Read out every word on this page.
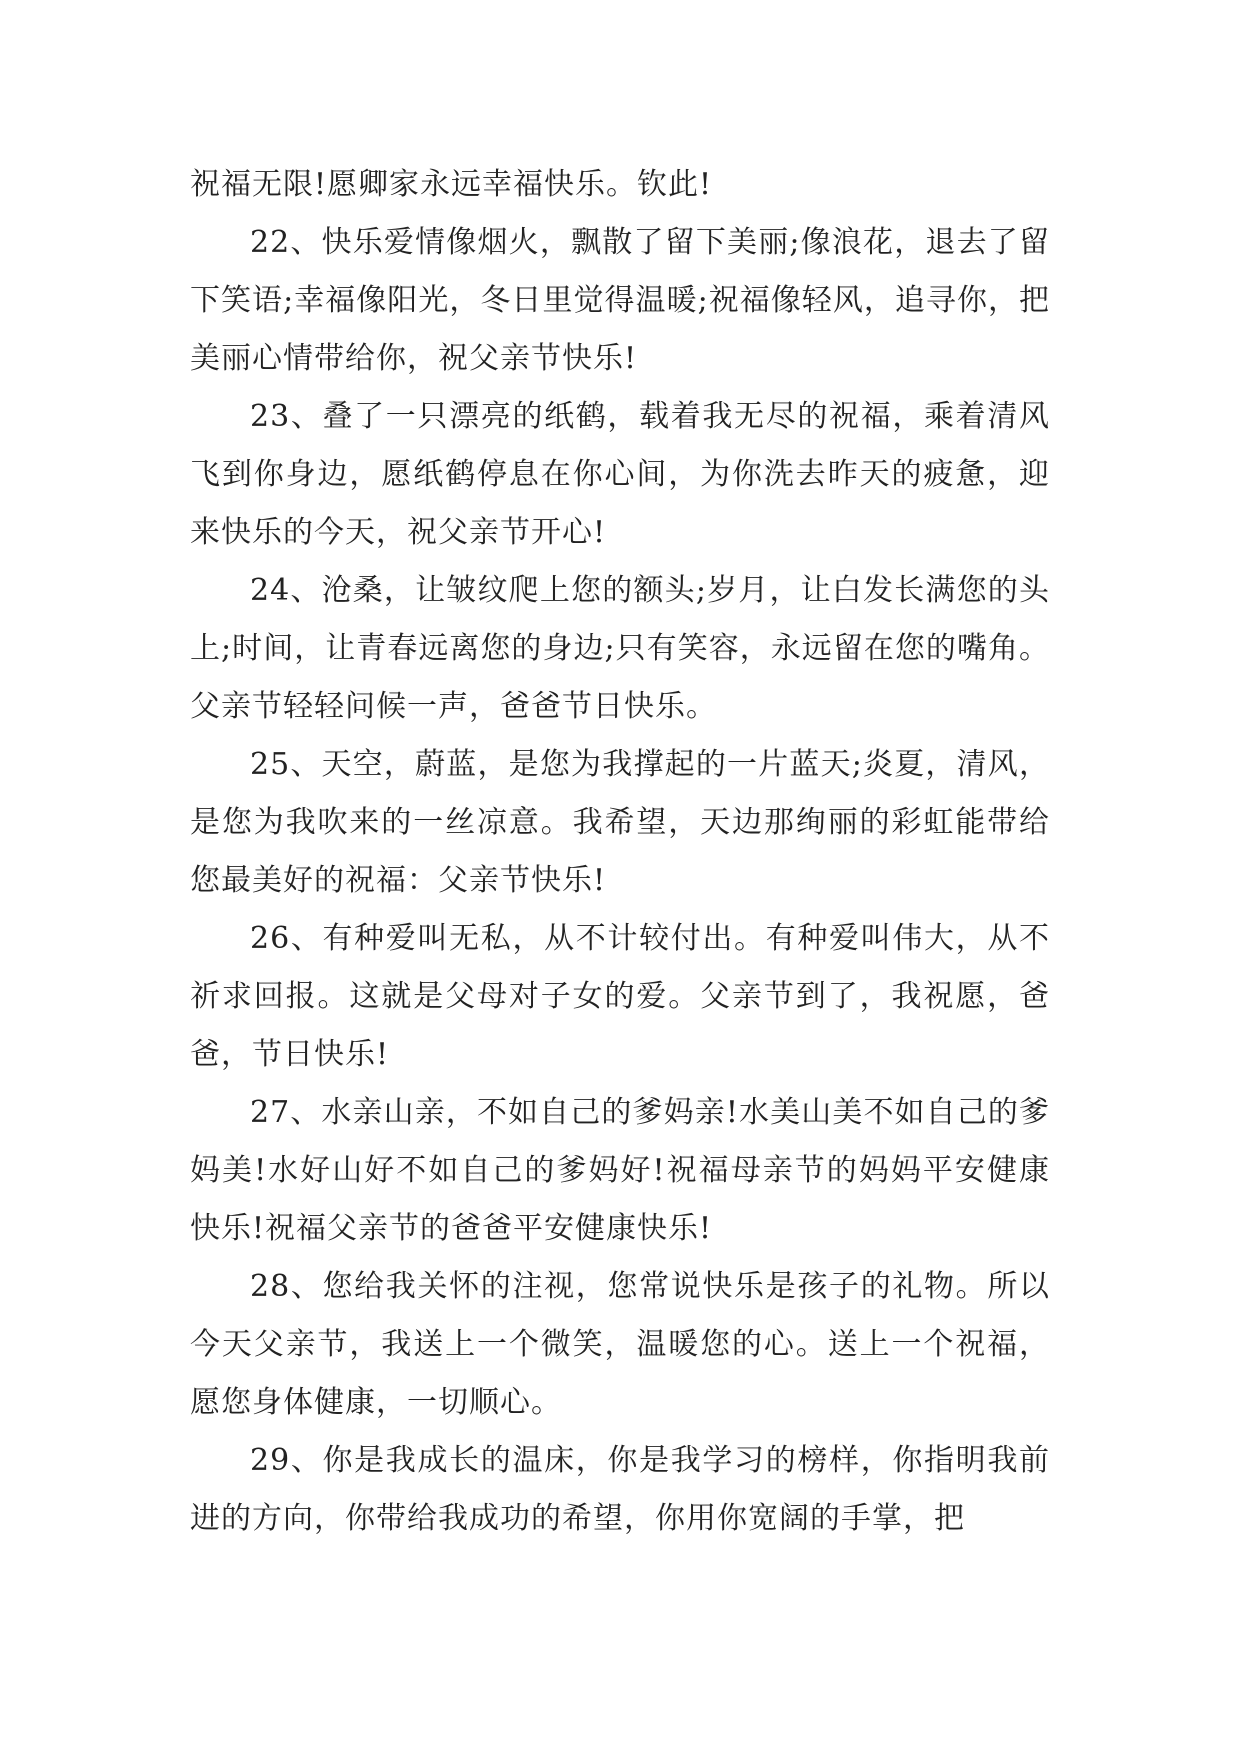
祝福无限!愿卿家永远幸福快乐。钦此!

22、快乐爱情像烟火，飘散了留下美丽;像浪花，退去了留下笑语;幸福像阳光，冬日里觉得温暖;祝福像轻风，追寻你，把美丽心情带给你，祝父亲节快乐!

23、叠了一只漂亮的纸鹤，载着我无尽的祝福，乘着清风飞到你身边，愿纸鹤停息在你心间，为你洗去昨天的疲惫，迎来快乐的今天，祝父亲节开心!

24、沧桑，让皱纹爬上您的额头;岁月，让白发长满您的头上;时间，让青春远离您的身边;只有笑容，永远留在您的嘴角。父亲节轻轻问候一声，爸爸节日快乐。

25、天空，蔚蓝，是您为我撑起的一片蓝天;炎夏，清风，是您为我吹来的一丝凉意。我希望，天边那绚丽的彩虹能带给您最美好的祝福：父亲节快乐!

26、有种爱叫无私，从不计较付出。有种爱叫伟大，从不祈求回报。这就是父母对子女的爱。父亲节到了，我祝愿，爸爸，节日快乐!

27、水亲山亲，不如自己的爹妈亲!水美山美不如自己的爹妈美!水好山好不如自己的爹妈好!祝福母亲节的妈妈平安健康快乐!祝福父亲节的爸爸平安健康快乐!

28、您给我关怀的注视，您常说快乐是孩子的礼物。所以今天父亲节，我送上一个微笑，温暖您的心。送上一个祝福，愿您身体健康，一切顺心。

29、你是我成长的温床，你是我学习的榜样，你指明我前进的方向，你带给我成功的希望，你用你宽阔的手掌，把
